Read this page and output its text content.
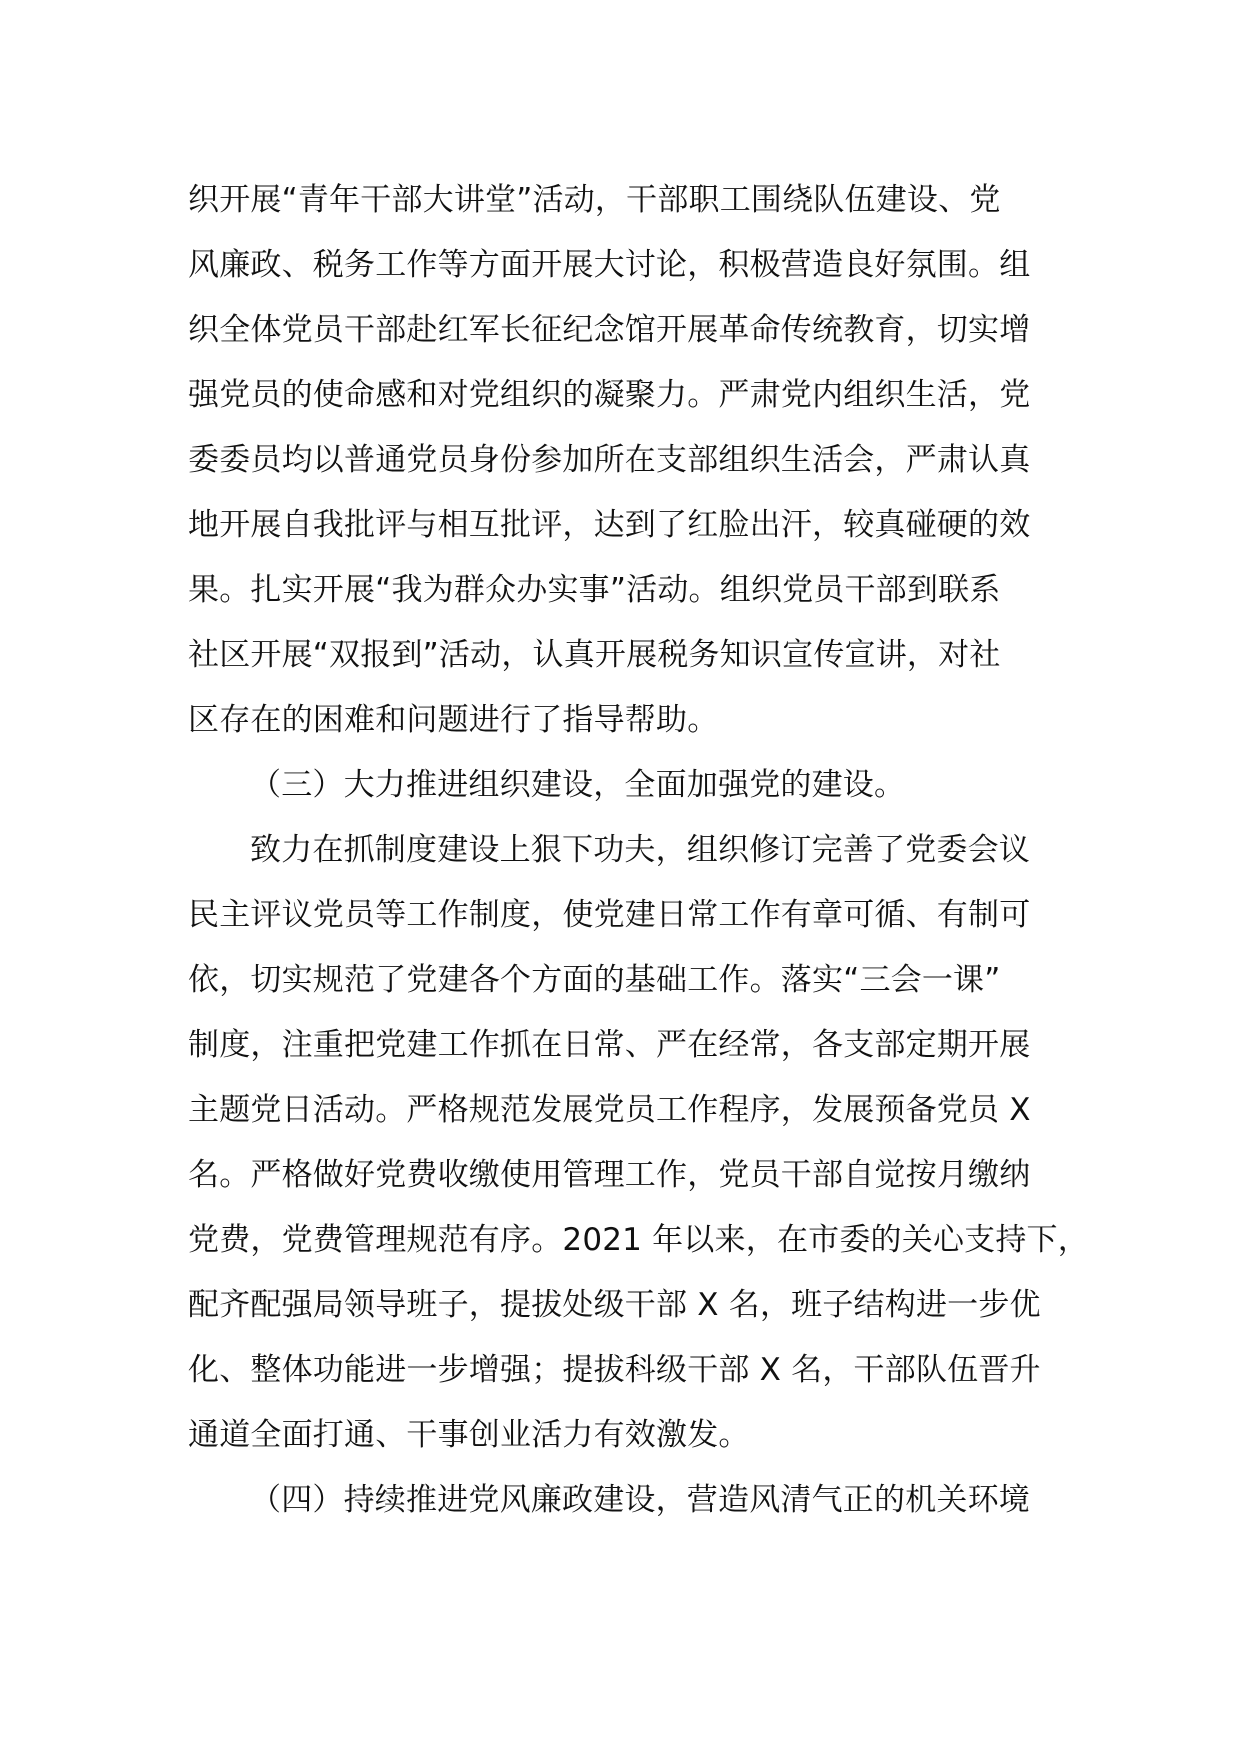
织开展“青年干部大讲堂”活动，干部职工围绕队伍建设、党
风廉政、税务工作等方面开展大讨论，积极营造良好氛围。组
织全体党员干部赴红军长征纪念馆开展革命传统教育，切实增
强党员的使命感和对党组织的凝聚力。严肃党内组织生活，党
委委员均以普通党员身份参加所在支部组织生活会，严肃认真
地开展自我批评与相互批评，达到了红脸出汗，较真碰硬的效
果。扎实开展“我为群众办实事”活动。组织党员干部到联系
社区开展“双报到”活动，认真开展税务知识宣传宣讲，对社
区存在的困难和问题进行了指导帮助。
（三）大力推进组织建设，全面加强党的建设。
致力在抓制度建设上狠下功夫，组织修订完善了党委会议
民主评议党员等工作制度，使党建日常工作有章可循、有制可
依，切实规范了党建各个方面的基础工作。落实“三会一课”
制度，注重把党建工作抓在日常、严在经常，各支部定期开展
主题党日活动。严格规范发展党员工作程序，发展预备党员 X
名。严格做好党费收缴使用管理工作，党员干部自觉按月缴纳
党费，党费管理规范有序。2021 年以来，在市委的关心支持下，
配齐配强局领导班子，提拔处级干部 X 名，班子结构进一步优
化、整体功能进一步增强；提拔科级干部 X 名，干部队伍晋升
通道全面打通、干事创业活力有效激发。
（四）持续推进党风廉政建设，营造风清气正的机关环境
